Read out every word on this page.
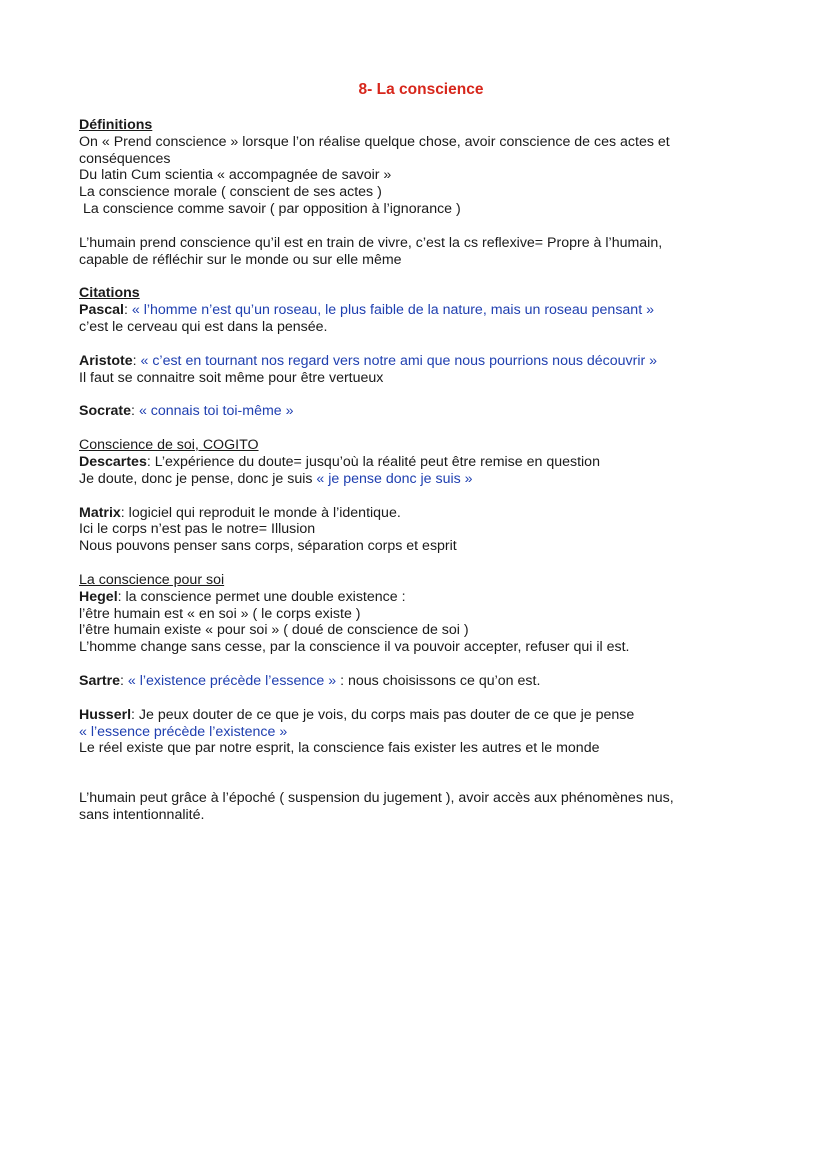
8- La conscience
Définitions
On « Prend conscience » lorsque l’on réalise quelque chose, avoir conscience de ces actes et
conséquences
Du latin Cum scientia « accompagnée de savoir »
La conscience morale ( conscient de ses actes )
La conscience comme savoir ( par opposition à l’ignorance )
L’humain prend conscience qu’il est en train de vivre, c’est la cs reflexive= Propre à l’humain,
capable de réfléchir sur le monde ou sur elle même
Citations
Pascal: « l’homme n’est qu’un roseau, le plus faible de la nature, mais un roseau pensant »
c’est le cerveau qui est dans la pensée.
Aristote: « c’est en tournant nos regard vers notre ami que nous pourrions nous découvrir »
Il faut se connaitre soit même pour être vertueux
Socrate: « connais toi toi-même »
Conscience de soi, COGITO
Descartes: L’expérience du doute= jusqu’où la réalité peut être remise en question
Je doute, donc je pense, donc je suis « je pense donc je suis »
Matrix: logiciel qui reproduit le monde à l’identique.
Ici le corps n’est pas le notre= Illusion
Nous pouvons penser sans corps, séparation corps et esprit
La conscience pour soi
Hegel: la conscience permet une double existence :
l’être humain est « en soi » ( le corps existe )
l’être humain existe « pour soi » ( doué de conscience de soi )
L’homme change sans cesse, par la conscience il va pouvoir accepter, refuser qui il est.
Sartre: « l’existence précède l’essence » : nous choisissons ce qu’on est.
Husserl: Je peux douter de ce que je vois, du corps mais pas douter de ce que je pense
« l’essence précède l’existence »
Le réel existe que par notre esprit, la conscience fais exister les autres et le monde
L’humain peut grâce à l’époché ( suspension du jugement ), avoir accès aux phénomènes nus,
sans intentionnalité.
